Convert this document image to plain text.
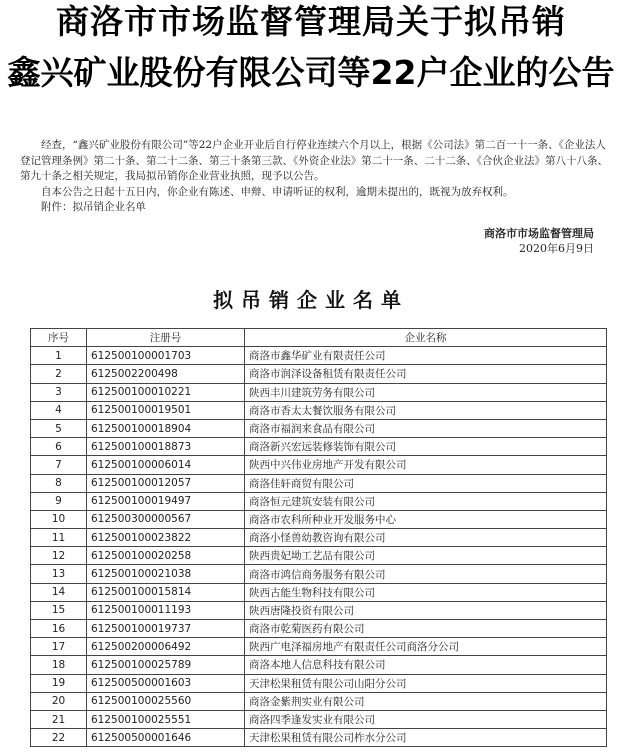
商洛市市场监督管理局关于拟吊销
鑫兴矿业股份有限公司等22户企业的公告

经查，“鑫兴矿业股份有限公司”等22户企业开业后自行停业连续六个月以上，根据《公司法》第二百一十一条、《企业法人登记管理条例》第二十条、第二十二条、第三十条第三款、《外资企业法》第二十一条、二十二条、《合伙企业法》第八十八条、第九十条之相关规定，我局拟吊销你企业营业执照，现予以公告。

自本公告之日起十五日内，你企业有陈述、申辩、申请听证的权利，逾期未提出的，既视为放弃权利。

附件：拟吊销企业名单

商洛市市场监督管理局
2020年6月9日
拟吊销企业名单
序号	注册号	企业名称
1	612500100001703	商洛市鑫华矿业有限责任公司
2	6125002200498	商洛市润泽设备租赁有限责任公司
3	612500100010221	陕西丰川建筑劳务有限公司
4	612500100019501	商洛市香太太餐饮服务有限公司
5	612500100018904	商洛市福润来食品有限公司
6	612500100018873	商洛新兴宏远装修装饰有限公司
7	612500100006014	陕西中兴伟业房地产开发有限公司
8	612500100012057	商洛佳轩商贸有限公司
9	612500100019497	商洛恒元建筑安装有限公司
10	612500300000567	商洛市农科所种业开发服务中心
11	612500100023822	商洛小怪兽幼教咨询有限公司
12	612500100020258	陕西贵妃坳工艺品有限公司
13	612500100021038	商洛市鸿信商务服务有限公司
14	612500100015814	陕西古能生物科技有限公司
15	612500100011193	陕西唐隆投资有限公司
16	612500100019737	商洛市乾菊医药有限公司
17	612500200006492	陕西广电泽福房地产有限责任公司商洛分公司
18	612500100025789	商洛本地人信息科技有限公司
19	612500500001603	天津松果租赁有限公司山阳分公司
20	612500100025560	商洛金紫荆实业有限公司
21	612500100025551	商洛四季逢发实业有限公司
22	612500500001646	天津松果租赁有限公司柞水分公司
